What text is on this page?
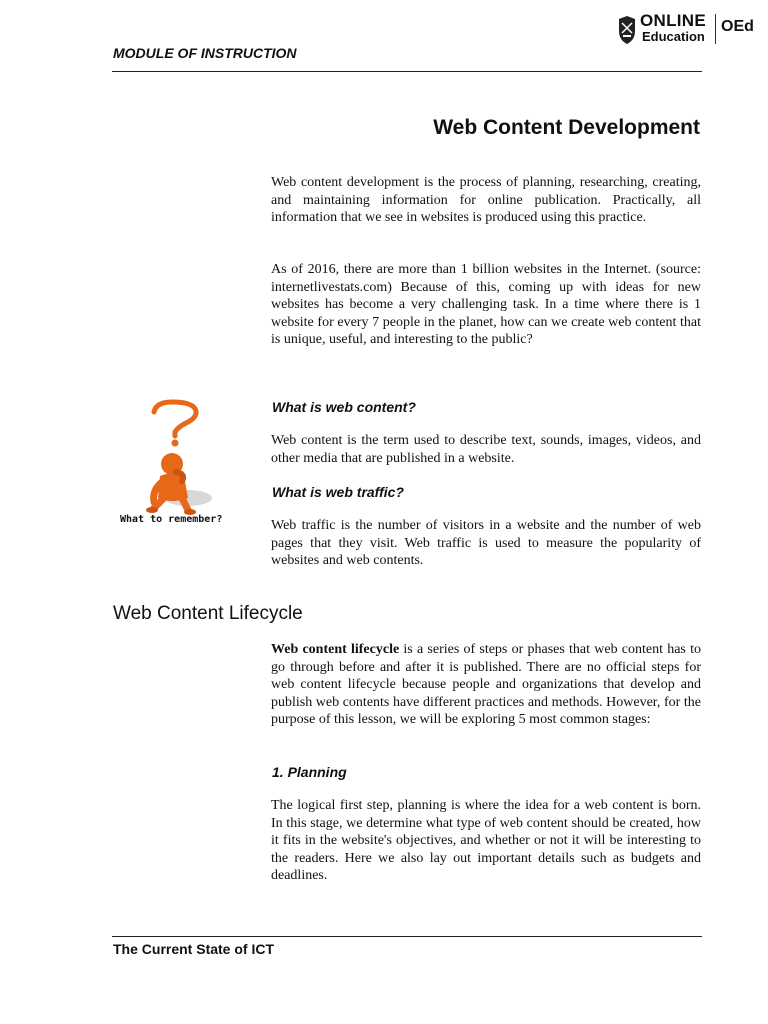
MODULE OF INSTRUCTION
ONLINE
Education
OEd
Web Content Development

Web content development is the process of planning, researching, creating, and maintaining information for online publication. Practically, all information that we see in websites is produced using this practice.

As of 2016, there are more than 1 billion websites in the Internet. (source: internetlivestats.com) Because of this, coming up with ideas for new websites has become a very challenging task. In a time where there is 1 website for every 7 people in the planet, how can we create web content that is unique, useful, and interesting to the public?

What to remember?
What is web content?

Web content is the term used to describe text, sounds, images, videos, and other media that are published in a website.

What is web traffic?

Web traffic is the number of visitors in a website and the number of web pages that they visit. Web traffic is used to measure the popularity of websites and web contents.

Web Content Lifecycle

Web content lifecycle is a series of steps or phases that web content has to go through before and after it is published. There are no official steps for web content lifecycle because people and organizations that develop and publish web contents have different practices and methods. However, for the purpose of this lesson, we will be exploring 5 most common stages:

1. Planning

The logical first step, planning is where the idea for a web content is born. In this stage, we determine what type of web content should be created, how it fits in the website's objectives, and whether or not it will be interesting to the readers. Here we also lay out important details such as budgets and deadlines.

The Current State of ICT
